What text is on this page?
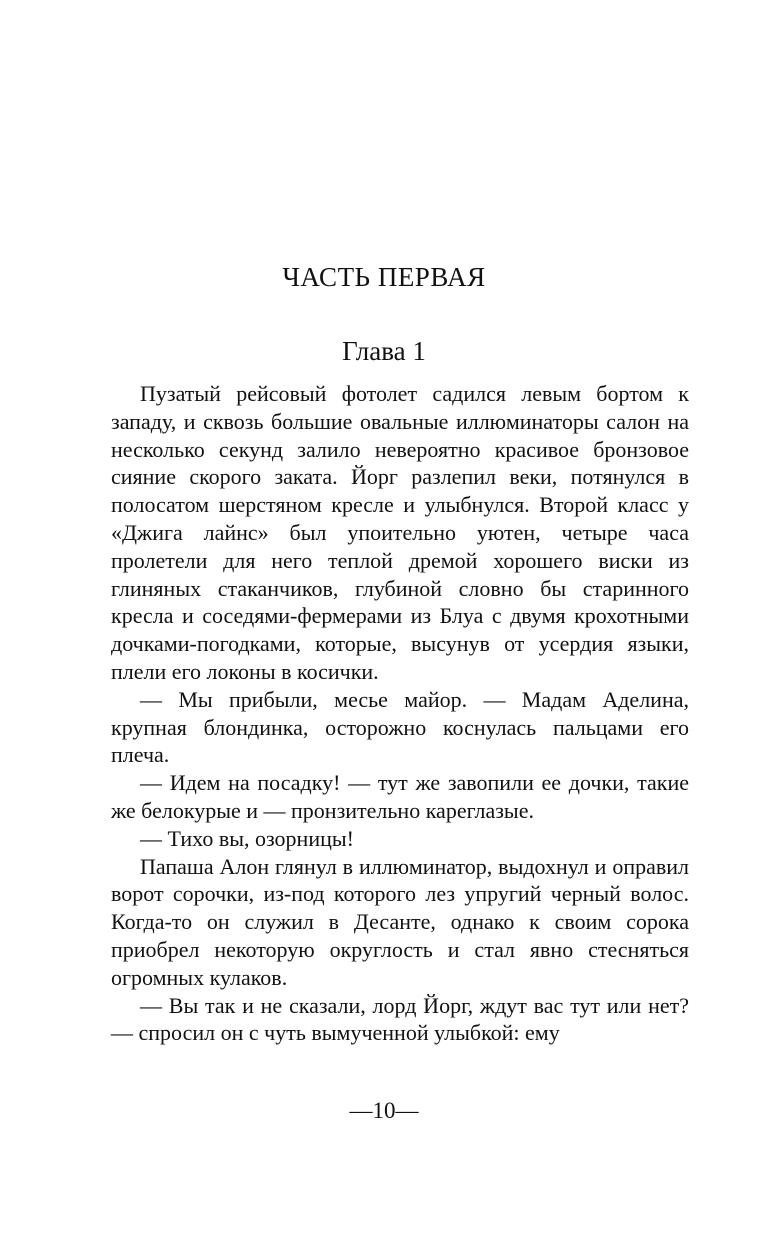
ЧАСТЬ ПЕРВАЯ
Глава 1

Пузатый рейсовый фотолет садился левым бортом к западу, и сквозь большие овальные иллюминаторы салон на несколько секунд залило невероятно красивое бронзовое сияние скорого заката. Йорг разлепил веки, потянулся в полосатом шерстяном кресле и улыбнулся. Второй класс у «Джига лайнс» был упоительно уютен, четыре часа пролетели для него теплой дремой хорошего виски из глиняных стаканчиков, глубиной словно бы старинного кресла и соседями-фермерами из Блуа с двумя крохотными дочками-погодками, которые, высунув от усердия языки, плели его локоны в косички.

— Мы прибыли, месье майор. — Мадам Аделина, крупная блондинка, осторожно коснулась пальцами его плеча.

— Идем на посадку! — тут же завопили ее дочки, такие же белокурые и — пронзительно кареглазые.

— Тихо вы, озорницы!

Папаша Алон глянул в иллюминатор, выдохнул и оправил ворот сорочки, из-под которого лез упругий черный волос. Когда-то он служил в Десанте, однако к своим сорока приобрел некоторую округлость и стал явно стесняться огромных кулаков.

— Вы так и не сказали, лорд Йорг, ждут вас тут или нет? — спросил он с чуть вымученной улыбкой: ему

—10—
